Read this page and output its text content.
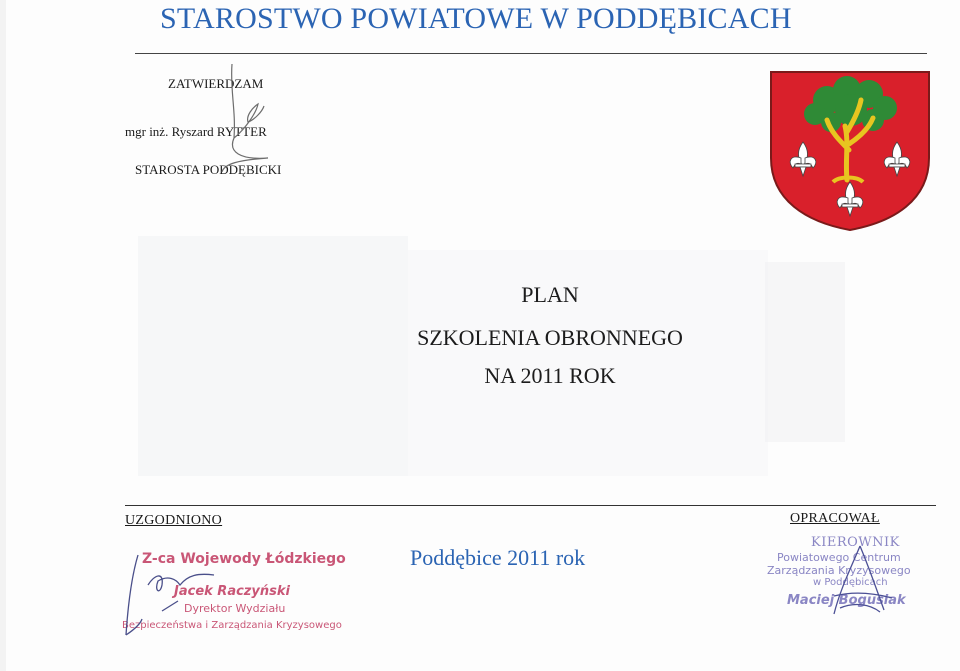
STAROSTWO POWIATOWE W PODDĘBICACH
ZATWIERDZAM
mgr inż. Ryszard RYTTER
STAROSTA PODDĘBICKI
PLAN
SZKOLENIA OBRONNEGO
NA 2011 ROK
UZGODNIONO	OPRACOWAŁ
Poddębice 2011 rok
Z-ca Wojewody Łódzkiego
Jacek Raczyński
Dyrektor Wydziału
Bezpieczeństwa i Zarządzania Kryzysowego
KIEROWNIK
Powiatowego Centrum
Zarządzania Kryzysowego
w Poddębicach
Maciej Bogusiak
